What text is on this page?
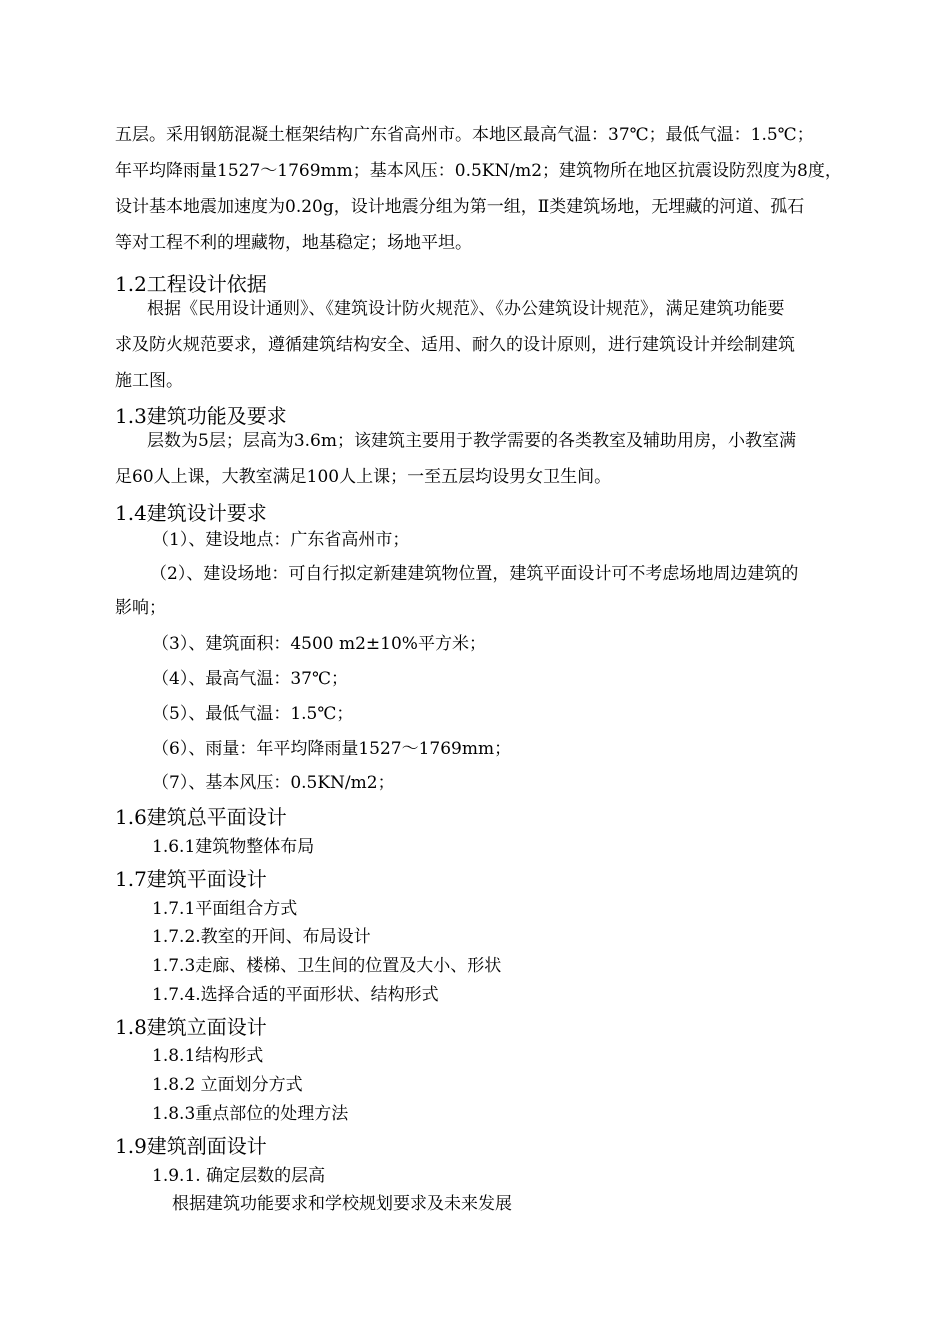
五层。采用钢筋混凝土框架结构广东省高州市。本地区最高气温：37℃；最低气温：1.5℃；
年平均降雨量1527～1769mm；基本风压：0.5KN/m2；建筑物所在地区抗震设防烈度为8度，
设计基本地震加速度为0.20g，设计地震分组为第一组，Ⅱ类建筑场地，无埋藏的河道、孤石
等对工程不利的埋藏物，地基稳定；场地平坦。
1.2工程设计依据
根据《民用设计通则》、《建筑设计防火规范》、《办公建筑设计规范》，满足建筑功能要
求及防火规范要求，遵循建筑结构安全、适用、耐久的设计原则，进行建筑设计并绘制建筑
施工图。
1.3建筑功能及要求
层数为5层；层高为3.6m；该建筑主要用于教学需要的各类教室及辅助用房，小教室满
足60人上课，大教室满足100人上课；一至五层均设男女卫生间。
1.4建筑设计要求
（1）、建设地点：广东省高州市；
（2）、建设场地：可自行拟定新建建筑物位置，建筑平面设计可不考虑场地周边建筑的
影响；
（3）、建筑面积：4500 m2±10%平方米；
（4）、最高气温：37℃；
（5）、最低气温：1.5℃；
（6）、雨量：年平均降雨量1527～1769mm；
（7）、基本风压：0.5KN/m2；
1.6建筑总平面设计
1.6.1建筑物整体布局
1.7建筑平面设计
1.7.1平面组合方式
1.7.2.教室的开间、布局设计
1.7.3走廊、楼梯、卫生间的位置及大小、形状
1.7.4.选择合适的平面形状、结构形式
1.8建筑立面设计
1.8.1结构形式
1.8.2 立面划分方式
1.8.3重点部位的处理方法
1.9建筑剖面设计
1.9.1. 确定层数的层高
根据建筑功能要求和学校规划要求及未来发展
